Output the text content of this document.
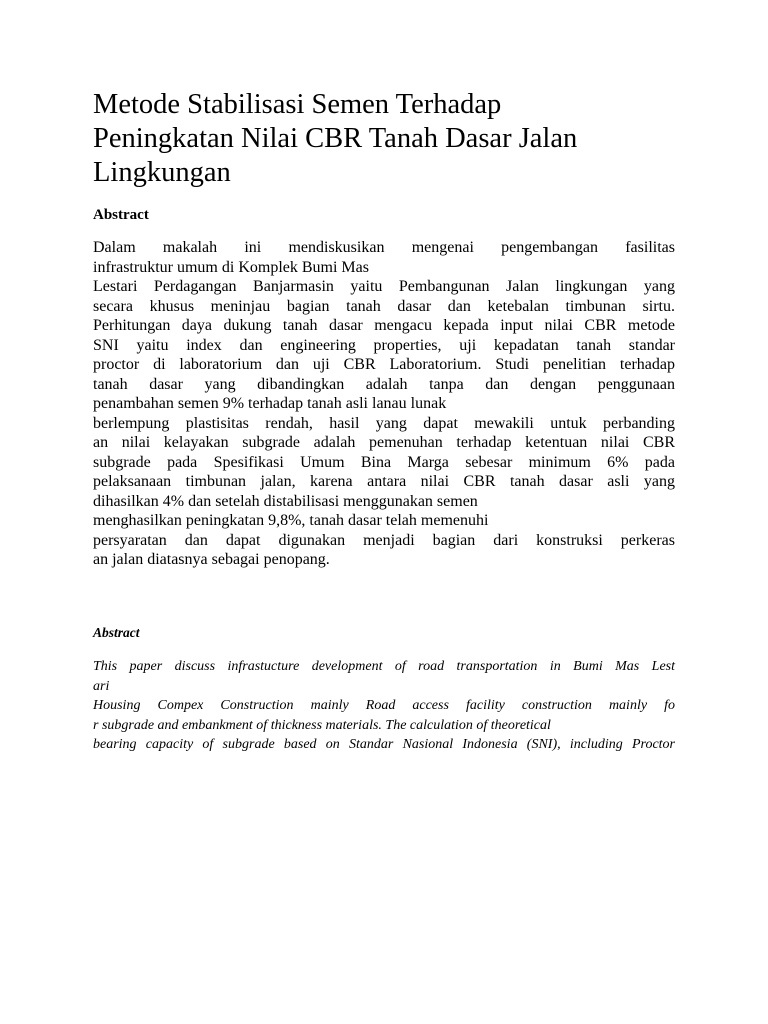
Metode Stabilisasi Semen Terhadap
Peningkatan Nilai CBR Tanah Dasar Jalan
Lingkungan
Abstract
Dalam makalah ini mendiskusikan mengenai pengembangan fasilitas
infrastruktur umum di Komplek Bumi Mas
Lestari Perdagangan Banjarmasin yaitu Pembangunan Jalan lingkungan yang
secara khusus meninjau bagian tanah dasar dan ketebalan timbunan sirtu.
Perhitungan daya dukung tanah dasar mengacu kepada input nilai CBR metode
SNI yaitu index dan engineering properties, uji kepadatan tanah standar
proctor di laboratorium dan uji CBR Laboratorium. Studi penelitian terhadap
tanah dasar yang dibandingkan adalah tanpa dan dengan penggunaan
penambahan semen 9% terhadap tanah asli lanau lunak
berlempung plastisitas rendah, hasil yang dapat mewakili untuk perbanding
an nilai kelayakan subgrade adalah pemenuhan terhadap ketentuan nilai CBR
subgrade pada Spesifikasi Umum Bina Marga sebesar minimum 6% pada
pelaksanaan timbunan jalan, karena antara nilai CBR tanah dasar asli yang
dihasilkan 4% dan setelah distabilisasi menggunakan semen
menghasilkan peningkatan 9,8%, tanah dasar telah memenuhi
persyaratan dan dapat digunakan menjadi bagian dari konstruksi perkeras
an jalan diatasnya sebagai penopang.
Abstract
This paper discuss infrastucture development of road transportation in Bumi Mas Lest
ari
Housing Compex Construction mainly Road access facility construction mainly fo
r subgrade and embankment of thickness materials. The calculation of theoretical
bearing capacity of subgrade based on Standar Nasional Indonesia (SNI), including Proctor
